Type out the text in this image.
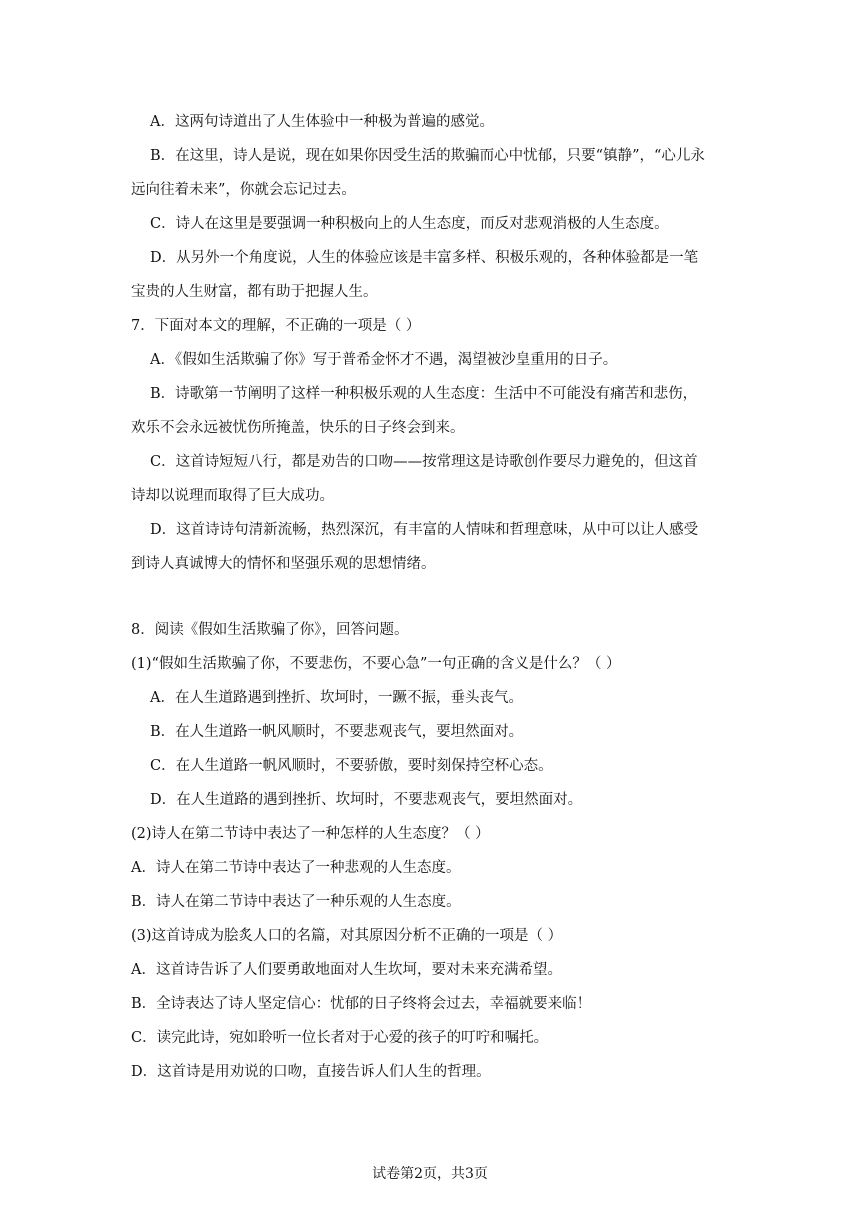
A．这两句诗道出了人生体验中一种极为普遍的感觉。
B．在这里，诗人是说，现在如果你因受生活的欺骗而心中忧郁，只要“镇静”，“心儿永
远向往着未来”，你就会忘记过去。
C．诗人在这里是要强调一种积极向上的人生态度，而反对悲观消极的人生态度。
D．从另外一个角度说，人生的体验应该是丰富多样、积极乐观的，各种体验都是一笔
宝贵的人生财富，都有助于把握人生。
7．下面对本文的理解，不正确的一项是（ ）
A．《假如生活欺骗了你》写于普希金怀才不遇，渴望被沙皇重用的日子。
B．诗歌第一节阐明了这样一种积极乐观的人生态度：生活中不可能没有痛苦和悲伤，
欢乐不会永远被忧伤所掩盖，快乐的日子终会到来。
C．这首诗短短八行，都是劝告的口吻——按常理这是诗歌创作要尽力避免的，但这首
诗却以说理而取得了巨大成功。
D．这首诗诗句清新流畅，热烈深沉，有丰富的人情味和哲理意味，从中可以让人感受
到诗人真诚博大的情怀和坚强乐观的思想情绪。
8．阅读《假如生活欺骗了你》，回答问题。
(1)“假如生活欺骗了你，不要悲伤，不要心急”一句正确的含义是什么？（ ）
A．在人生道路遇到挫折、坎坷时，一蹶不振，垂头丧气。
B．在人生道路一帆风顺时，不要悲观丧气，要坦然面对。
C．在人生道路一帆风顺时，不要骄傲，要时刻保持空杯心态。
D．在人生道路的遇到挫折、坎坷时，不要悲观丧气，要坦然面对。
(2)诗人在第二节诗中表达了一种怎样的人生态度？（ ）
A．诗人在第二节诗中表达了一种悲观的人生态度。
B．诗人在第二节诗中表达了一种乐观的人生态度。
(3)这首诗成为脍炙人口的名篇，对其原因分析不正确的一项是（ ）
A．这首诗告诉了人们要勇敢地面对人生坎坷，要对未来充满希望。
B．全诗表达了诗人坚定信心：忧郁的日子终将会过去，幸福就要来临！
C．读完此诗，宛如聆听一位长者对于心爱的孩子的叮咛和嘱托。
D．这首诗是用劝说的口吻，直接告诉人们人生的哲理。
试卷第2页，共3页
